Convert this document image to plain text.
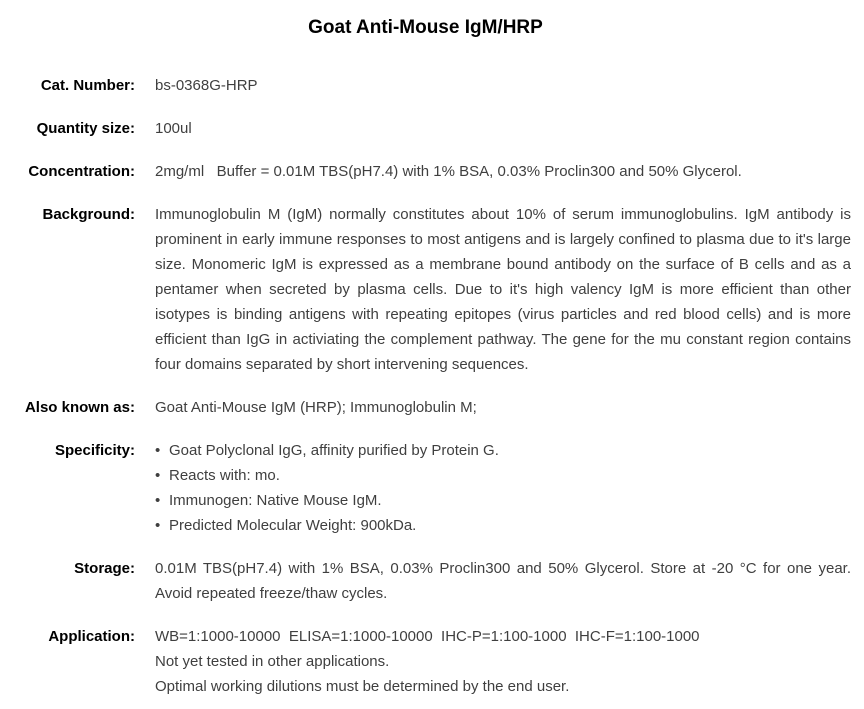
Goat Anti-Mouse IgM/HRP
Cat. Number: bs-0368G-HRP
Quantity size: 100ul
Concentration: 2mg/ml   Buffer = 0.01M TBS(pH7.4) with 1% BSA, 0.03% Proclin300 and 50% Glycerol.
Background: Immunoglobulin M (IgM) normally constitutes about 10% of serum immunoglobulins. IgM antibody is prominent in early immune responses to most antigens and is largely confined to plasma due to it's large size. Monomeric IgM is expressed as a membrane bound antibody on the surface of B cells and as a pentamer when secreted by plasma cells. Due to it's high valency IgM is more efficient than other isotypes is binding antigens with repeating epitopes (virus particles and red blood cells) and is more efficient than IgG in activiating the complement pathway. The gene for the mu constant region contains four domains separated by short intervening sequences.
Also known as: Goat Anti-Mouse IgM (HRP); Immunoglobulin M;
Specificity:	• Goat Polyclonal IgG, affinity purified by Protein G.
• Reacts with: mo.
• Immunogen: Native Mouse IgM.
• Predicted Molecular Weight: 900kDa.
Storage: 0.01M TBS(pH7.4) with 1% BSA, 0.03% Proclin300 and 50% Glycerol. Store at -20 °C for one year. Avoid repeated freeze/thaw cycles.
Application: WB=1:1000-10000  ELISA=1:1000-10000  IHC-P=1:100-1000  IHC-F=1:100-1000
Not yet tested in other applications.
Optimal working dilutions must be determined by the end user.
